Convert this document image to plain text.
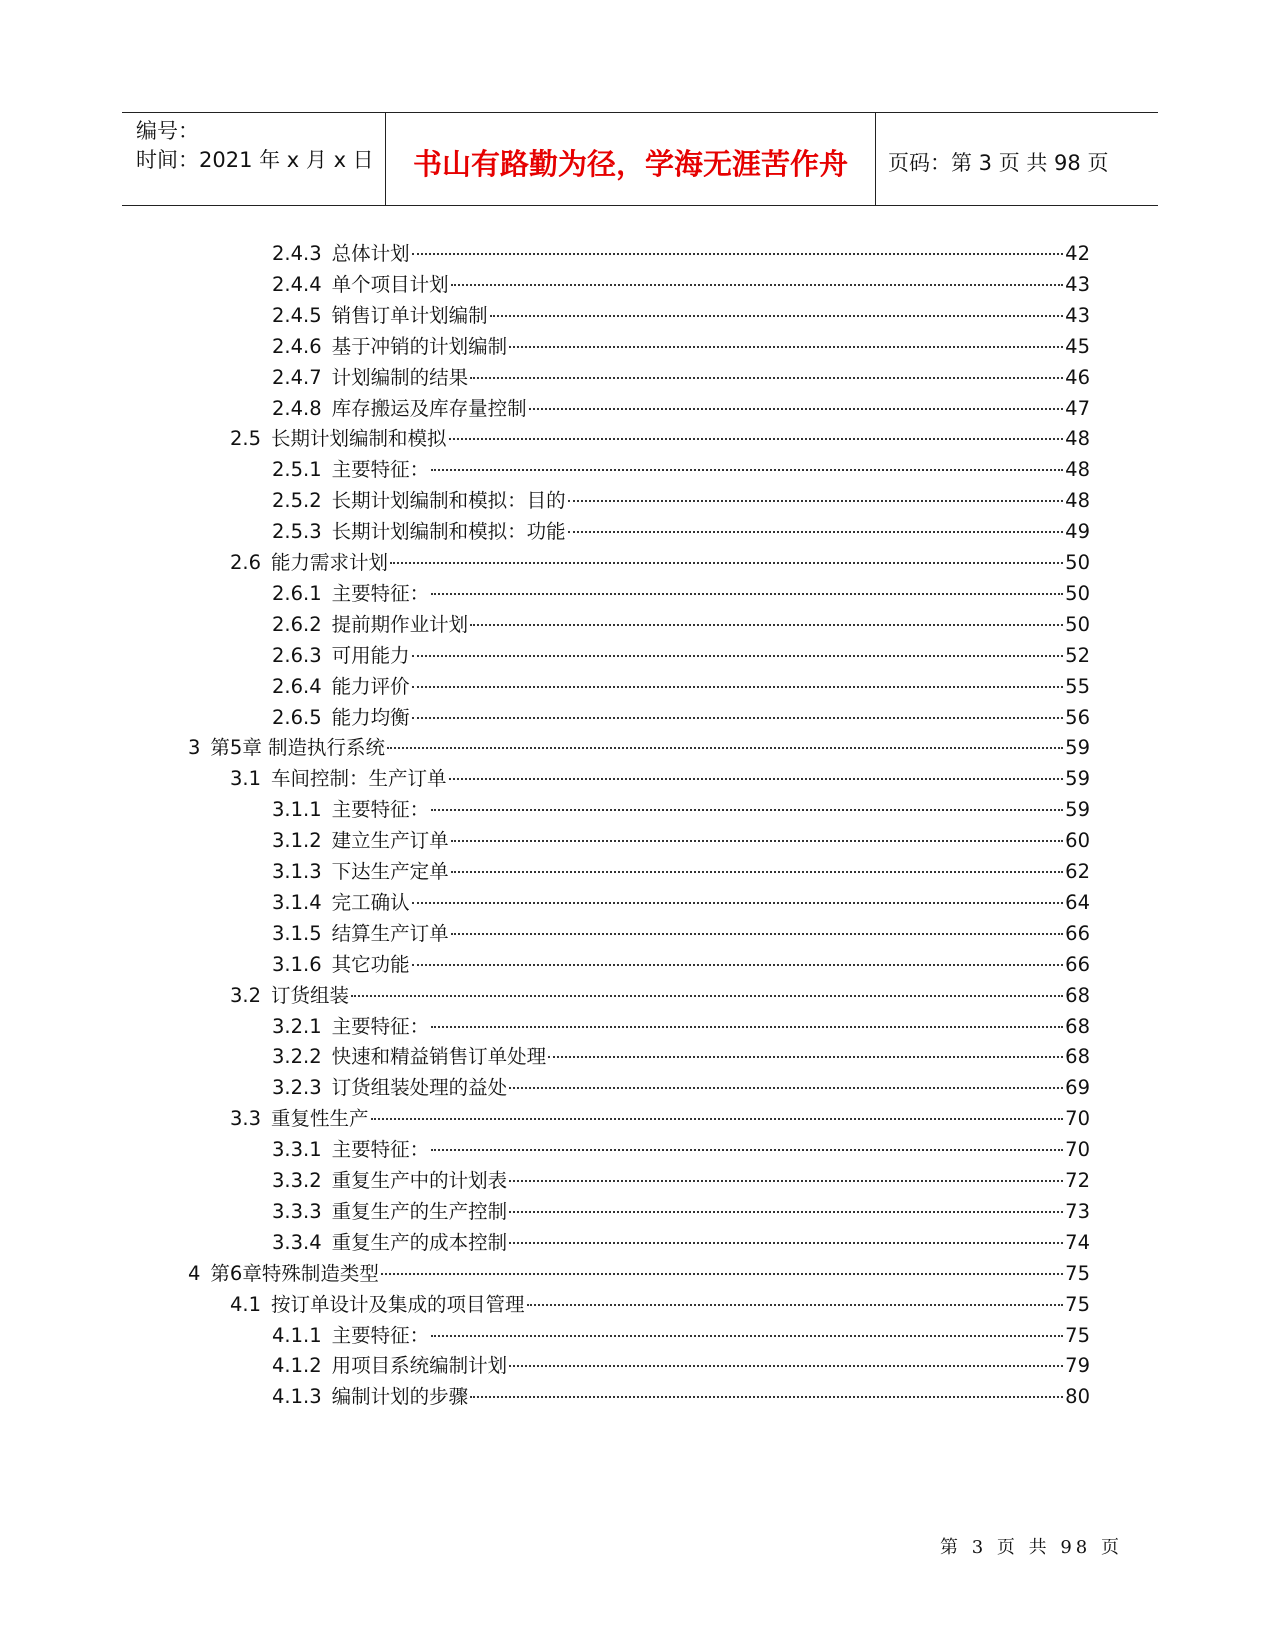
编号：
时间：2021 年 x 月 x 日	书山有路勤为径，学海无涯苦作舟	页码：第 3 页 共 98 页
2.4.3 总体计划	42
2.4.4 单个项目计划	43
2.4.5 销售订单计划编制	43
2.4.6 基于冲销的计划编制	45
2.4.7 计划编制的结果	46
2.4.8 库存搬运及库存量控制	47
2.5 长期计划编制和模拟	48
2.5.1 主要特征：	48
2.5.2 长期计划编制和模拟：目的	48
2.5.3 长期计划编制和模拟：功能	49
2.6 能力需求计划	50
2.6.1 主要特征：	50
2.6.2 提前期作业计划	50
2.6.3 可用能力	52
2.6.4 能力评价	55
2.6.5 能力均衡	56
3 第5章 制造执行系统	59
3.1 车间控制：生产订单	59
3.1.1 主要特征：	59
3.1.2 建立生产订单	60
3.1.3 下达生产定单	62
3.1.4 完工确认	64
3.1.5 结算生产订单	66
3.1.6 其它功能	66
3.2 订货组装	68
3.2.1 主要特征：	68
3.2.2 快速和精益销售订单处理	68
3.2.3 订货组装处理的益处	69
3.3 重复性生产	70
3.3.1 主要特征：	70
3.3.2 重复生产中的计划表	72
3.3.3 重复生产的生产控制	73
3.3.4 重复生产的成本控制	74
4 第6章特殊制造类型	75
4.1 按订单设计及集成的项目管理	75
4.1.1 主要特征：	75
4.1.2 用项目系统编制计划	79
4.1.3 编制计划的步骤	80
第 3 页 共 98 页
